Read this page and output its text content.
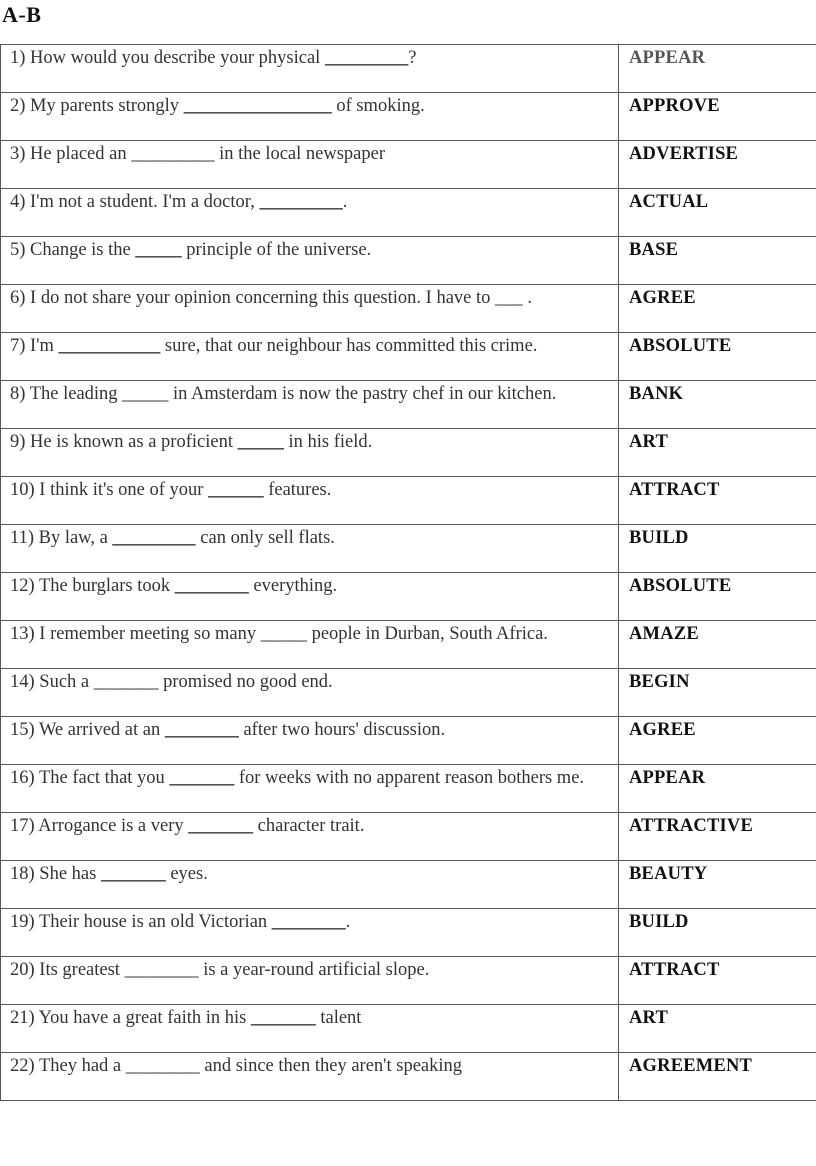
A-B
1) How would you describe your physical _________?	APPEAR
2) My parents strongly ________________ of smoking.	APPROVE
3) He placed an _________ in the local newspaper	ADVERTISE
4) I'm not a student. I'm a doctor, _________.	ACTUAL
5) Change is the _____ principle of the universe.	BASE
6) I do not share your opinion concerning this question. I have to ___ .	AGREE
7) I'm ___________ sure, that our neighbour has committed this crime.	ABSOLUTE
8) The leading _____ in Amsterdam is now the pastry chef in our kitchen.	BANK
9) He is known as a proficient _____ in his field.	ART
10) I think it's one of your ______ features.	ATTRACT
11) By law, a _________ can only sell flats.	BUILD
12) The burglars took ________ everything.	ABSOLUTE
13) I remember meeting so many _____ people in Durban, South Africa.	AMAZE
14) Such a _______ promised no good end.	BEGIN
15) We arrived at an ________ after two hours' discussion.	AGREE
16) The fact that you _______ for weeks with no apparent reason bothers me.	APPEAR
17) Arrogance is a very _______ character trait.	ATTRACTIVE
18) She has _______ eyes.	BEAUTY
19) Their house is an old Victorian ________.	BUILD
20) Its greatest ________ is a year-round artificial slope.	ATTRACT
21) You have a great faith in his _______ talent	ART
22) They had a ________ and since then they aren't speaking	AGREEMENT
